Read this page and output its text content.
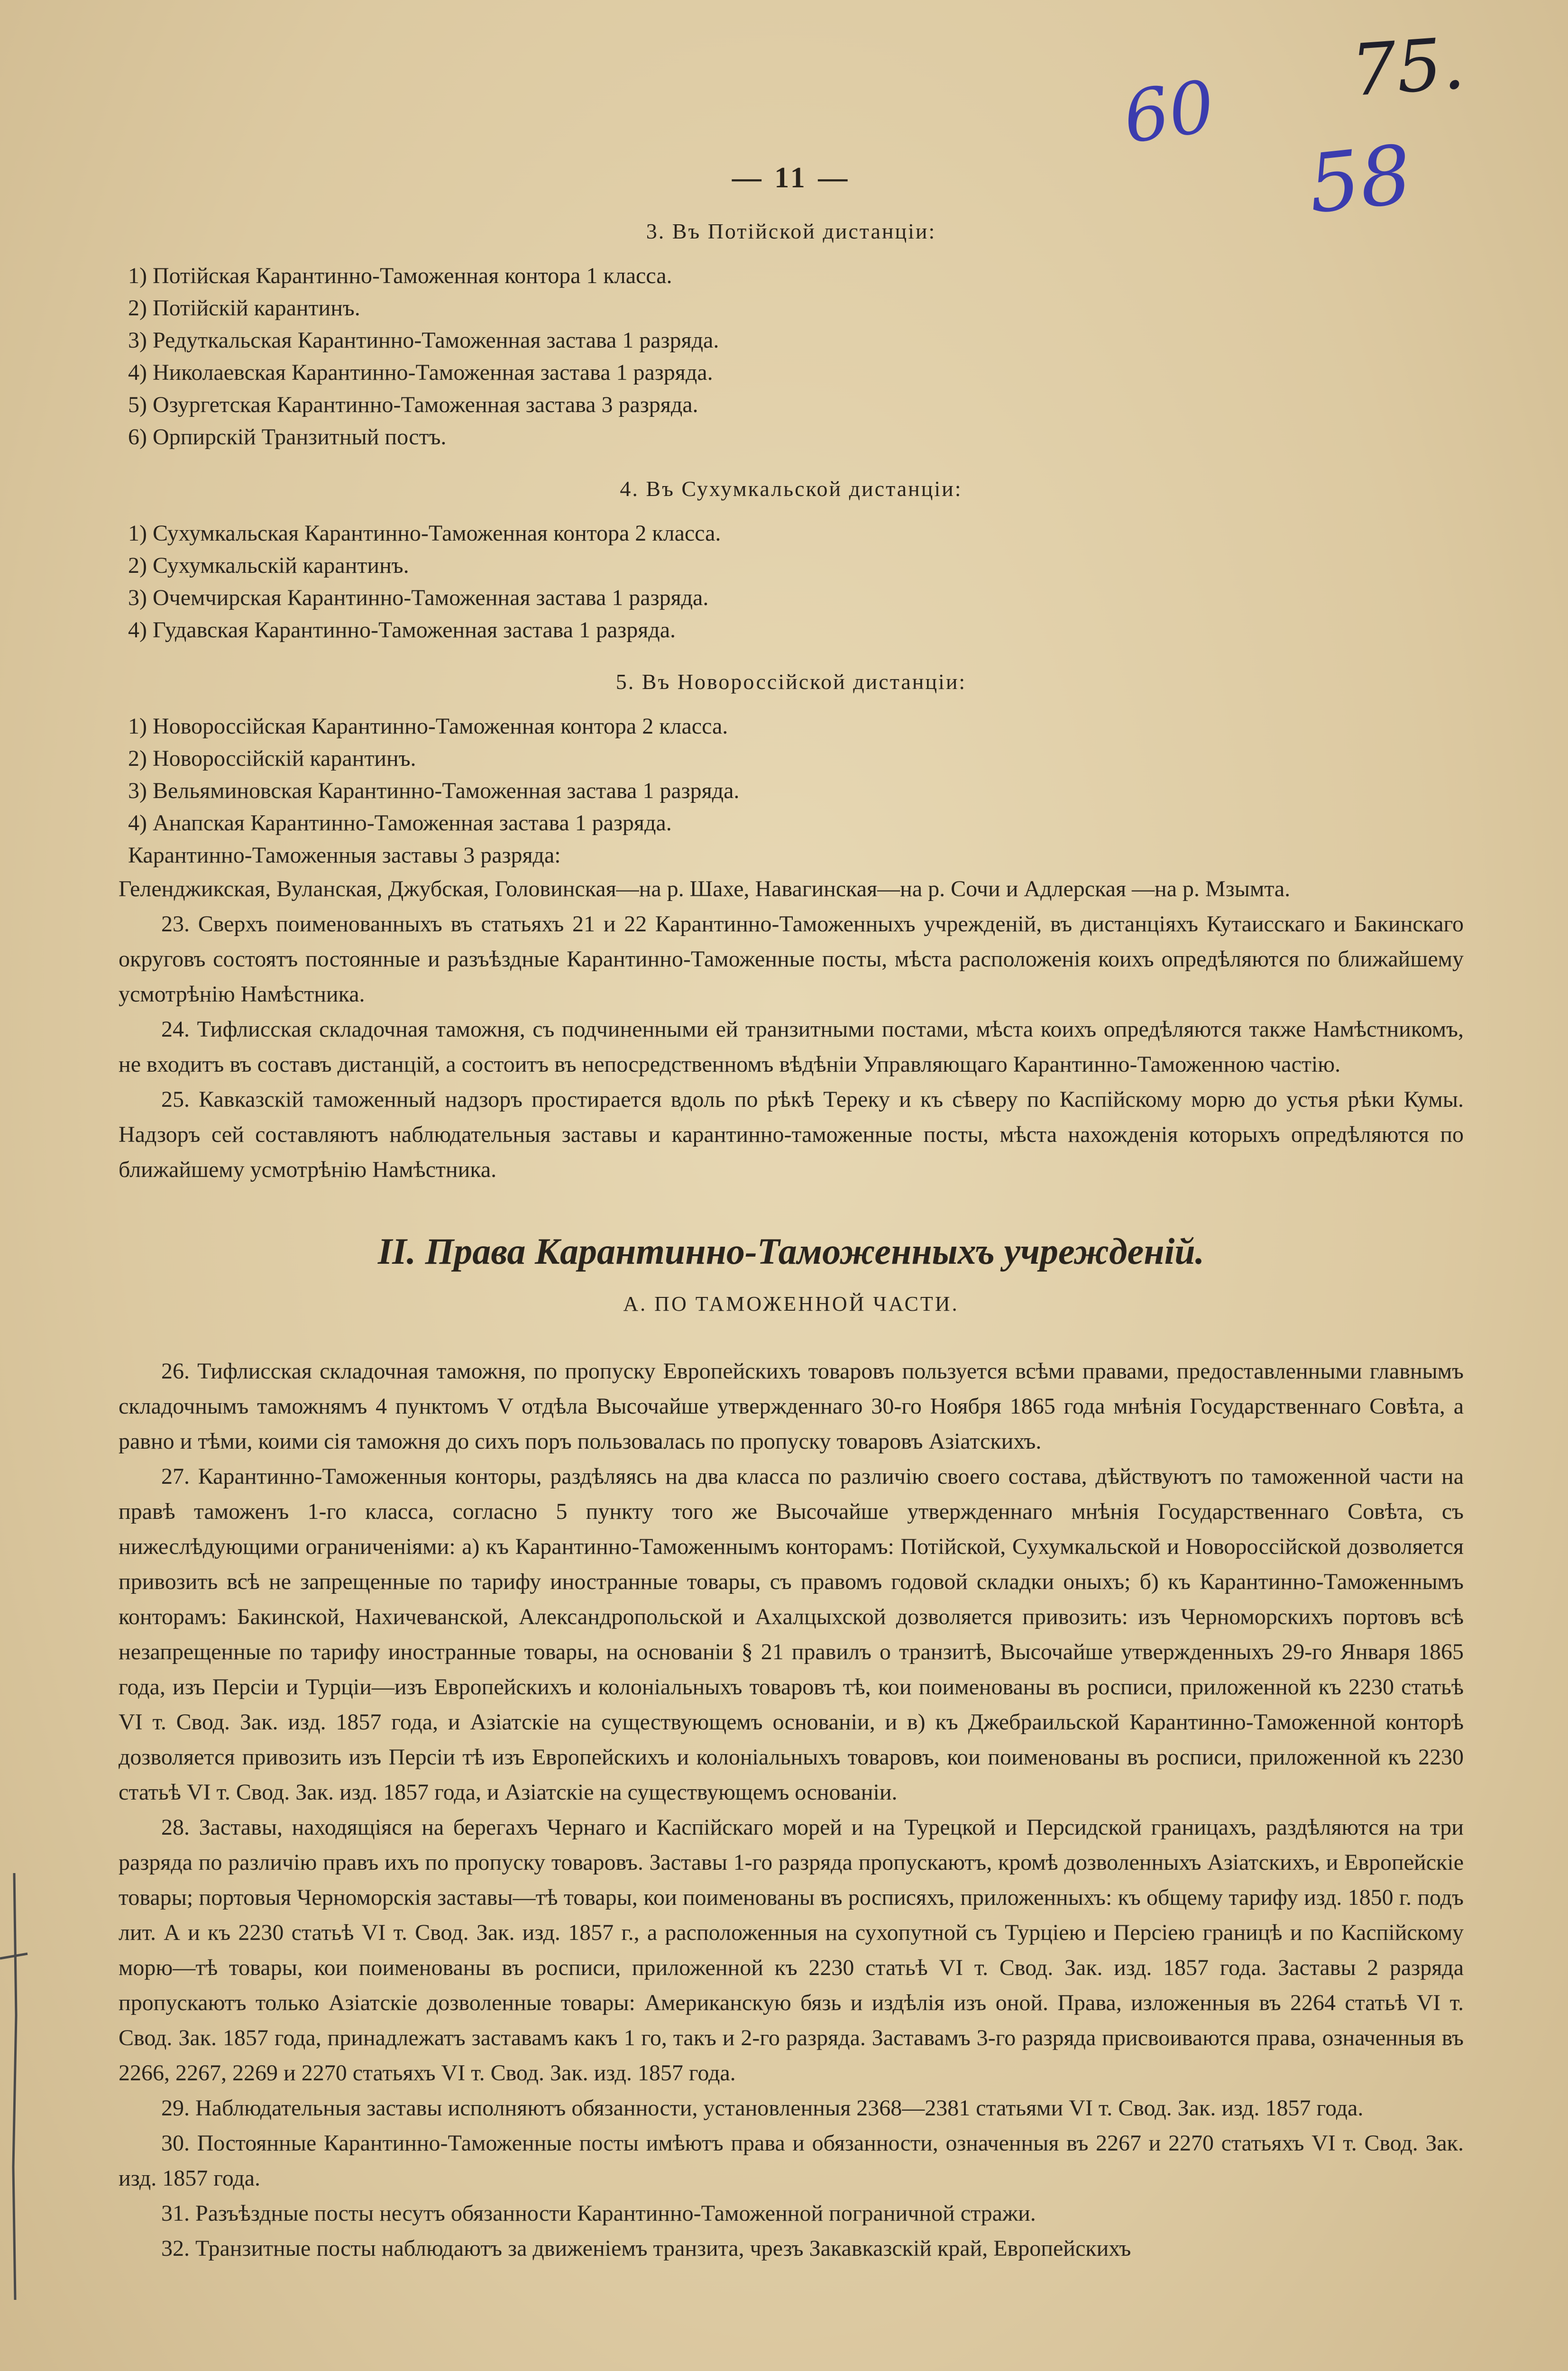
60 75.
58
— 11 —
3. Въ Потійской дистанціи:
1) Потійская Карантинно-Таможенная контора 1 класса.
2) Потійскій карантинъ.
3) Редуткальская Карантинно-Таможенная застава 1 разряда.
4) Николаевская Карантинно-Таможенная застава 1 разряда.
5) Озургетская Карантинно-Таможенная застава 3 разряда.
6) Орпирскій Транзитный постъ.
4. Въ Сухумкальской дистанціи:
1) Сухумкальская Карантинно-Таможенная контора 2 класса.
2) Сухумкальскій карантинъ.
3) Очемчирская Карантинно-Таможенная застава 1 разряда.
4) Гудавская Карантинно-Таможенная застава 1 разряда.
5. Въ Новороссійской дистанціи:
1) Новороссійская Карантинно-Таможенная контора 2 класса.
2) Новороссійскій карантинъ.
3) Вельяминовская Карантинно-Таможенная застава 1 разряда.
4) Анапская Карантинно-Таможенная застава 1 разряда.
Карантинно-Таможенныя заставы 3 разряда:
Геленджикская, Вуланская, Джубская, Головинская—на р. Шахе, Навагинская—на р. Сочи и Адлерская —на р. Мзымта.
23. Сверхъ поименованныхъ въ статьяхъ 21 и 22 Карантинно-Таможенныхъ учрежденій, въ дистанціяхъ Кутаисскаго и Бакинскаго округовъ состоятъ постоянные и разъѣздные Карантинно-Таможенные посты, мѣста расположенія коихъ опредѣляются по ближайшему усмотрѣнію Намѣстника.
24. Тифлисская складочная таможня, съ подчиненными ей транзитными постами, мѣста коихъ опредѣляются также Намѣстникомъ, не входитъ въ составъ дистанцій, а состоитъ въ непосредственномъ вѣдѣніи Управляющаго Карантинно-Таможенною частію.
25. Кавказскій таможенный надзоръ простирается вдоль по рѣкѣ Тереку и къ сѣверу по Каспійскому морю до устья рѣки Кумы. Надзоръ сей составляютъ наблюдательныя заставы и карантинно-таможенные посты, мѣста нахожденія которыхъ опредѣляются по ближайшему усмотрѣнію Намѣстника.
II. Права Карантинно-Таможенныхъ учрежденій.
А. ПО ТАМОЖЕННОЙ ЧАСТИ.
26. Тифлисская складочная таможня, по пропуску Европейскихъ товаровъ пользуется всѣми правами, предоставленными главнымъ складочнымъ таможнямъ 4 пунктомъ V отдѣла Высочайше утвержденнаго 30-го Ноября 1865 года мнѣнія Государственнаго Совѣта, а равно и тѣми, коими сія таможня до сихъ поръ пользовалась по пропуску товаровъ Азіатскихъ.
27. Карантинно-Таможенныя конторы, раздѣляясь на два класса по различію своего состава, дѣйствуютъ по таможенной части на правѣ таможенъ 1-го класса, согласно 5 пункту того же Высочайше утвержденнаго мнѣнія Государственнаго Совѣта, съ нижеслѣдующими ограниченіями: а) къ Карантинно-Таможеннымъ конторамъ: Потійской, Сухумкальской и Новороссійской дозволяется привозить всѣ не запрещенные по тарифу иностранные товары, съ правомъ годовой складки оныхъ; б) къ Карантинно-Таможеннымъ конторамъ: Бакинской, Нахичеванской, Александропольской и Ахалцыхской дозволяется привозить: изъ Черноморскихъ портовъ всѣ незапрещенные по тарифу иностранные товары, на основаніи § 21 правилъ о транзитѣ, Высочайше утвержденныхъ 29-го Января 1865 года, изъ Персіи и Турціи—изъ Европейскихъ и колоніальныхъ товаровъ тѣ, кои поименованы въ росписи, приложенной къ 2230 статьѣ VI т. Свод. Зак. изд. 1857 года, и Азіатскіе на существующемъ основаніи, и в) къ Джебраильской Карантинно-Таможенной конторѣ дозволяется привозить изъ Персіи тѣ изъ Европейскихъ и колоніальныхъ товаровъ, кои поименованы въ росписи, приложенной къ 2230 статьѣ VI т. Свод. Зак. изд. 1857 года, и Азіатскіе на существующемъ основаніи.
28. Заставы, находящіяся на берегахъ Чернаго и Каспійскаго морей и на Турецкой и Персидской границахъ, раздѣляются на три разряда по различію правъ ихъ по пропуску товаровъ. Заставы 1-го разряда пропускаютъ, кромѣ дозволенныхъ Азіатскихъ, и Европейскіе товары; портовыя Черноморскія заставы—тѣ товары, кои поименованы въ росписяхъ, приложенныхъ: къ общему тарифу изд. 1850 г. подъ лит. А и къ 2230 статьѣ VI т. Свод. Зак. изд. 1857 г., а расположенныя на сухопутной съ Турціею и Персіею границѣ и по Каспійскому морю—тѣ товары, кои поименованы въ росписи, приложенной къ 2230 статьѣ VI т. Свод. Зак. изд. 1857 года. Заставы 2 разряда пропускаютъ только Азіатскіе дозволенные товары: Американскую бязь и издѣлія изъ оной. Права, изложенныя въ 2264 статьѣ VI т. Свод. Зак. 1857 года, принадлежатъ заставамъ какъ 1 го, такъ и 2-го разряда. Заставамъ 3-го разряда присвоиваются права, означенныя въ 2266, 2267, 2269 и 2270 статьяхъ VI т. Свод. Зак. изд. 1857 года.
29. Наблюдательныя заставы исполняютъ обязанности, установленныя 2368—2381 статьями VI т. Свод. Зак. изд. 1857 года.
30. Постоянные Карантинно-Таможенные посты имѣютъ права и обязанности, означенныя въ 2267 и 2270 статьяхъ VI т. Свод. Зак. изд. 1857 года.
31. Разъѣздные посты несутъ обязанности Карантинно-Таможенной пограничной стражи.
32. Транзитные посты наблюдаютъ за движеніемъ транзита, чрезъ Закавказскій край, Европейскихъ
